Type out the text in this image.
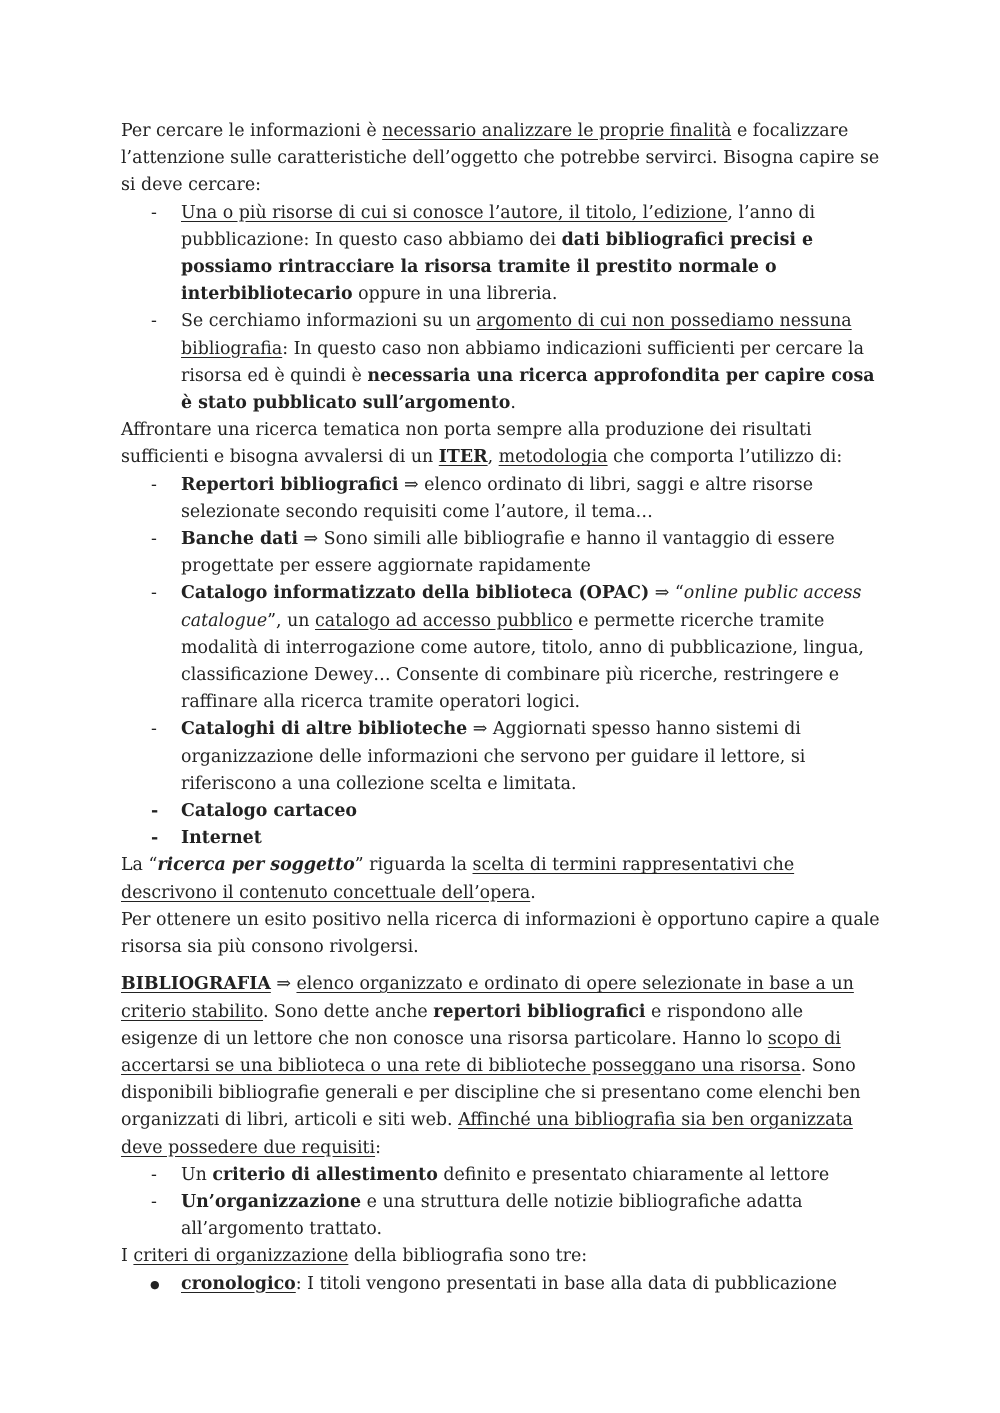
Per cercare le informazioni è necessario analizzare le proprie finalità e focalizzare l’attenzione sulle caratteristiche dell’oggetto che potrebbe servirci. Bisogna capire se si deve cercare:

- Una o più risorse di cui si conosce l’autore, il titolo, l’edizione, l’anno di pubblicazione: In questo caso abbiamo dei dati bibliografici precisi e possiamo rintracciare la risorsa tramite il prestito normale o interbibliotecario oppure in una libreria.
- Se cerchiamo informazioni su un argomento di cui non possediamo nessuna bibliografia: In questo caso non abbiamo indicazioni sufficienti per cercare la risorsa ed è quindi è necessaria una ricerca approfondita per capire cosa è stato pubblicato sull’argomento.

Affrontare una ricerca tematica non porta sempre alla produzione dei risultati sufficienti e bisogna avvalersi di un ITER, metodologia che comporta l’utilizzo di:

- Repertori bibliografici ⇒ elenco ordinato di libri, saggi e altre risorse selezionate secondo requisiti come l’autore, il tema…
- Banche dati ⇒ Sono simili alle bibliografie e hanno il vantaggio di essere progettate per essere aggiornate rapidamente
- Catalogo informatizzato della biblioteca (OPAC) ⇒ “online public access catalogue”, un catalogo ad accesso pubblico e permette ricerche tramite modalità di interrogazione come autore, titolo, anno di pubblicazione, lingua, classificazione Dewey… Consente di combinare più ricerche, restringere e raffinare alla ricerca tramite operatori logici.
- Cataloghi di altre biblioteche ⇒ Aggiornati spesso hanno sistemi di organizzazione delle informazioni che servono per guidare il lettore, si riferiscono a una collezione scelta e limitata.
- Catalogo cartaceo
- Internet

La “ricerca per soggetto” riguarda la scelta di termini rappresentativi che descrivono il contenuto concettuale dell’opera.

Per ottenere un esito positivo nella ricerca di informazioni è opportuno capire a quale risorsa sia più consono rivolgersi.

BIBLIOGRAFIA ⇒ elenco organizzato e ordinato di opere selezionate in base a un criterio stabilito. Sono dette anche repertori bibliografici e rispondono alle esigenze di un lettore che non conosce una risorsa particolare. Hanno lo scopo di accertarsi se una biblioteca o una rete di biblioteche posseggano una risorsa. Sono disponibili bibliografie generali e per discipline che si presentano come elenchi ben organizzati di libri, articoli e siti web. Affinché una bibliografia sia ben organizzata deve possedere due requisiti:

- Un criterio di allestimento definito e presentato chiaramente al lettore
- Un’organizzazione e una struttura delle notizie bibliografiche adatta all’argomento trattato.

I criteri di organizzazione della bibliografia sono tre:

● cronologico: I titoli vengono presentati in base alla data di pubblicazione
